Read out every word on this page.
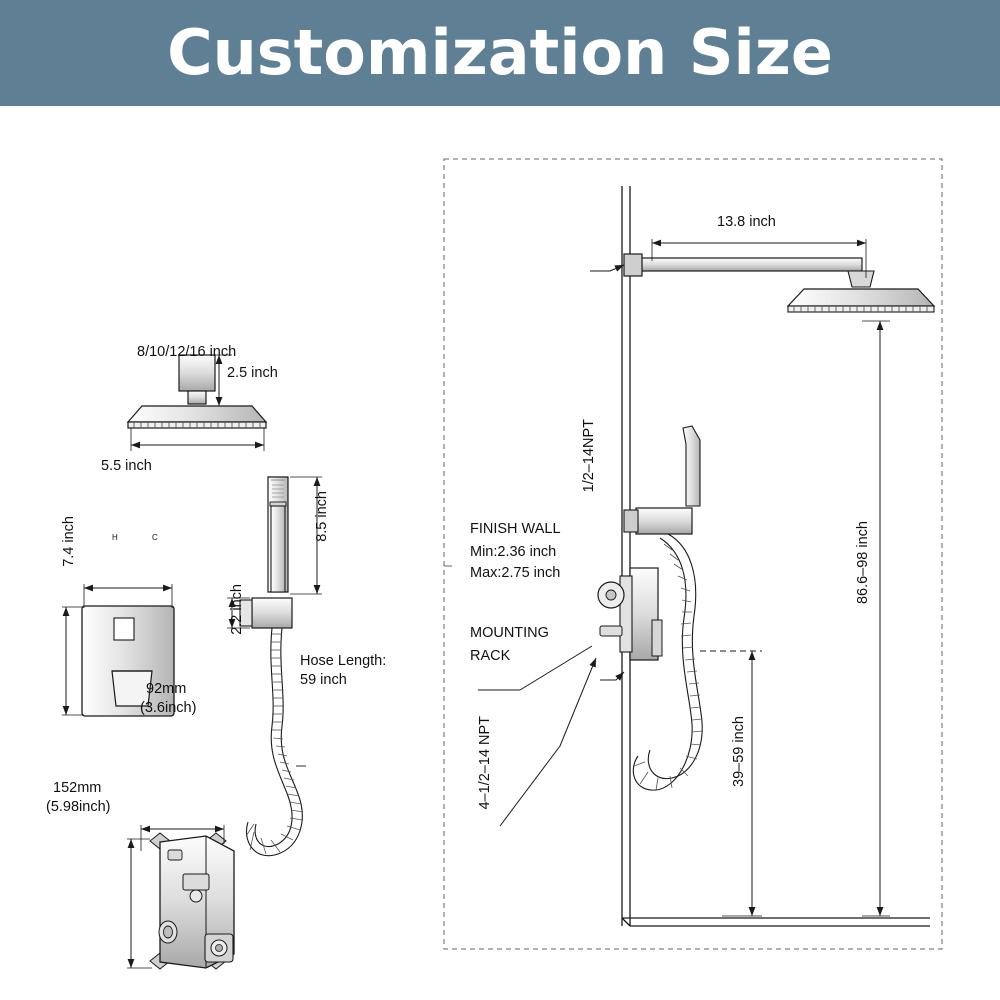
Customization Size
2.5 inch
8/10/12/16 inch
8.5 inch
2.2 inch
Hose Length:
59 inch
5.5 inch
7.4 inch	H	C
92mm
(3.6inch)
152mm
(5.98inch)
13.8 inch
1/2–14NPT
86.6–98 inch
39–59 inch
FINISH WALL
Min:2.36 inch
Max:2.75 inch
MOUNTING
RACK
4–1/2–14 NPT
